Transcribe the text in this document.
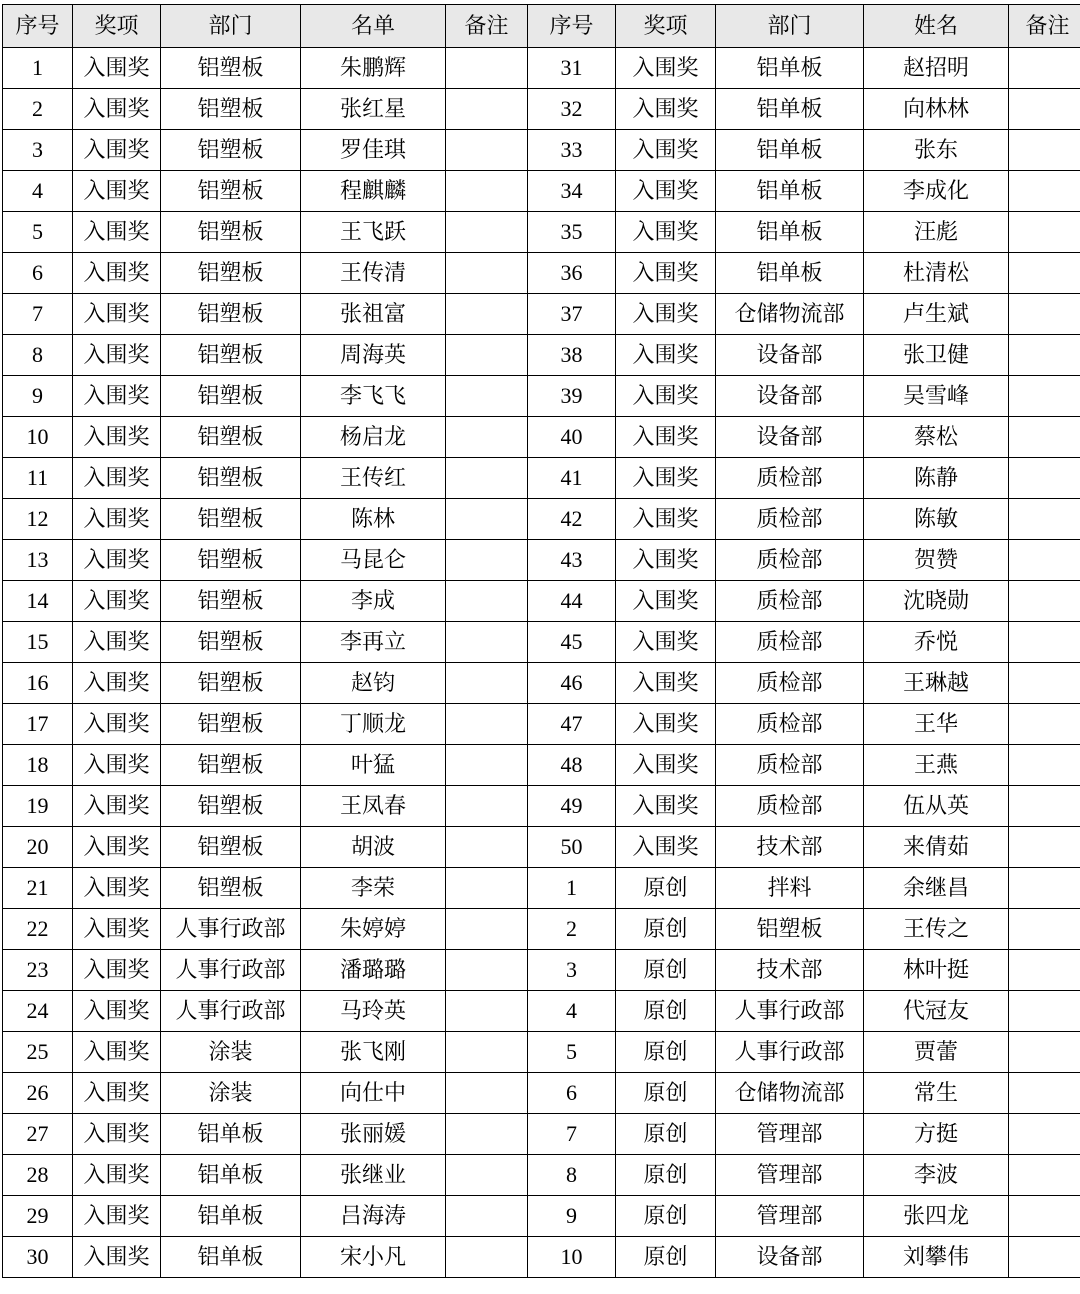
序号	奖项	部门	名单	备注	序号	奖项	部门	姓名	备注
1	入围奖	铝塑板	朱鹏辉		31	入围奖	铝单板	赵招明	
2	入围奖	铝塑板	张红星		32	入围奖	铝单板	向林林	
3	入围奖	铝塑板	罗佳琪		33	入围奖	铝单板	张东	
4	入围奖	铝塑板	程麒麟		34	入围奖	铝单板	李成化	
5	入围奖	铝塑板	王飞跃		35	入围奖	铝单板	汪彪	
6	入围奖	铝塑板	王传清		36	入围奖	铝单板	杜清松	
7	入围奖	铝塑板	张祖富		37	入围奖	仓储物流部	卢生斌	
8	入围奖	铝塑板	周海英		38	入围奖	设备部	张卫健	
9	入围奖	铝塑板	李飞飞		39	入围奖	设备部	吴雪峰	
10	入围奖	铝塑板	杨启龙		40	入围奖	设备部	蔡松	
11	入围奖	铝塑板	王传红		41	入围奖	质检部	陈静	
12	入围奖	铝塑板	陈林		42	入围奖	质检部	陈敏	
13	入围奖	铝塑板	马昆仑		43	入围奖	质检部	贺赞	
14	入围奖	铝塑板	李成		44	入围奖	质检部	沈晓勋	
15	入围奖	铝塑板	李再立		45	入围奖	质检部	乔悦	
16	入围奖	铝塑板	赵钧		46	入围奖	质检部	王琳越	
17	入围奖	铝塑板	丁顺龙		47	入围奖	质检部	王华	
18	入围奖	铝塑板	叶猛		48	入围奖	质检部	王燕	
19	入围奖	铝塑板	王凤春		49	入围奖	质检部	伍从英	
20	入围奖	铝塑板	胡波		50	入围奖	技术部	来倩茹	
21	入围奖	铝塑板	李荣		1	原创	拌料	余继昌	
22	入围奖	人事行政部	朱婷婷		2	原创	铝塑板	王传之	
23	入围奖	人事行政部	潘璐璐		3	原创	技术部	林叶挺	
24	入围奖	人事行政部	马玲英		4	原创	人事行政部	代冠友	
25	入围奖	涂装	张飞刚		5	原创	人事行政部	贾蕾	
26	入围奖	涂装	向仕中		6	原创	仓储物流部	常生	
27	入围奖	铝单板	张丽媛		7	原创	管理部	方挺	
28	入围奖	铝单板	张继业		8	原创	管理部	李波	
29	入围奖	铝单板	吕海涛		9	原创	管理部	张四龙	
30	入围奖	铝单板	宋小凡		10	原创	设备部	刘攀伟	
